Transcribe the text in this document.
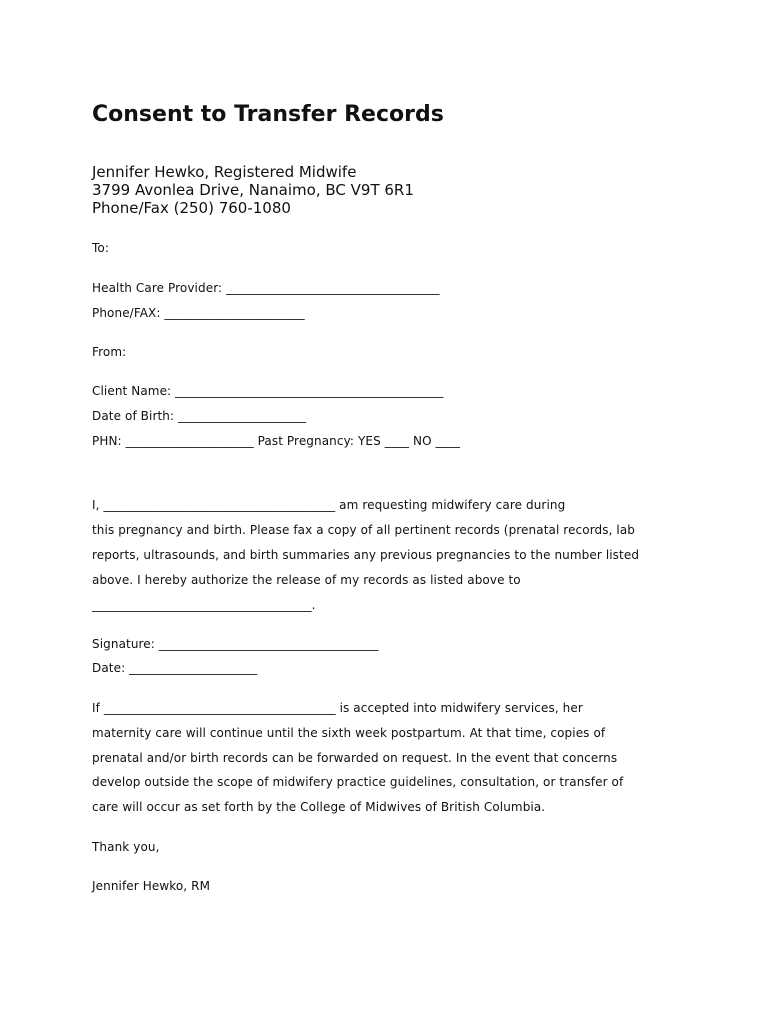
Consent to Transfer Records
Jennifer Hewko, Registered Midwife
3799 Avonlea Drive, Nanaimo, BC V9T 6R1
Phone/Fax (250) 760-1080
To:
Health Care Provider: ___________________________________
Phone/FAX: _______________________
From:
Client Name: ____________________________________________
Date of Birth: _____________________
PHN: _____________________ Past Pregnancy: YES ____ NO ____
I, ______________________________________ am requesting midwifery care during
this pregnancy and birth. Please fax a copy of all pertinent records (prenatal records, lab
reports, ultrasounds, and birth summaries any previous pregnancies to the number listed
above. I hereby authorize the release of my records as listed above to
____________________________________.
Signature: ____________________________________
Date: _____________________
If ______________________________________ is accepted into midwifery services, her
maternity care will continue until the sixth week postpartum. At that time, copies of
prenatal and/or birth records can be forwarded on request. In the event that concerns
develop outside the scope of midwifery practice guidelines, consultation, or transfer of
care will occur as set forth by the College of Midwives of British Columbia.
Thank you,
Jennifer Hewko, RM
